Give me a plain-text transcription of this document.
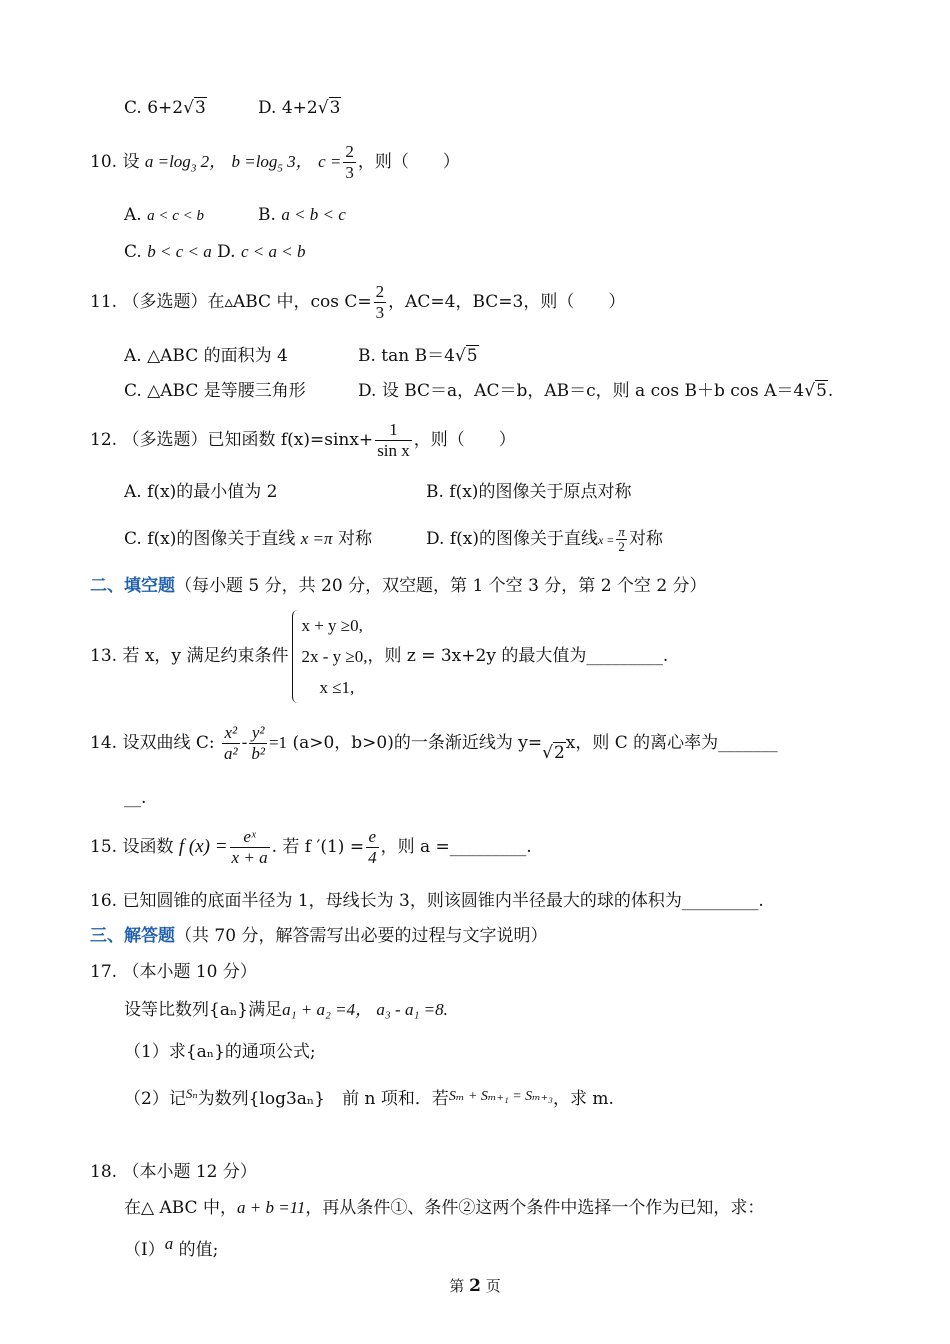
C. 6+2√3	D. 4+2√3
10. 设 $a =\log_3$ 2， $b =\log_5$ 3， $c = \frac{2}{3}$ ，则（　　）
A. a < c < b	B. a < b < c
C. b < c < a D. c < a < b
11. （多选题）在▵ABC 中，$\cos C= \frac{2}{3}$ ，AC=4，BC=3，则（　　）
A. △ABC 的面积为 4	B. tan B＝4√5
C. △ABC 是等腰三角形	D. 设 BC＝a，AC＝b，AB＝c，则 a cos B＋b cos A＝4√5.
12. （多选题）已知函数 $f(x)=\sin x+ \frac{1}{\text{sin x}}$ ，则（　　）
A. f(x)的最小值为 2	B. f(x)的图像关于原点对称
C. f(x)的图像关于直线 x =π 对称	D. f(x)的图像关于直线$x = \frac{\pi}{2}$ 对称
二、填空题（每小题 5 分，共 20 分，双空题，第 1 个空 3 分，第 2 个空 2 分）
13. 若 x，y 满足约束条件
x + y ≥0,
2x - y ≥0,
x ≤1,
，则 z = 3x+2y 的最大值为_________.
14. 设双曲线 C: $\frac{\text{x²}}{\text{a²}} - \frac{\text{y²}}{\text{b²}} =1$ (a>0，b>0)的一条渐近线为 y=√2x，则 C 的离心率为_______
__.
15. 设函数 f $(x) = \frac{\text{eˣ}}{x + a}$ . 若 f $'(1) = \frac{e}{4}$ ，则 a =_________.
16. 已知圆锥的底面半径为 1，母线长为 3，则该圆锥内半径最大的球的体积为_________.
三、解答题（共 70 分，解答需写出必要的过程与文字说明）
17. （本小题 10 分）
设等比数列{aₙ}满足a₁ + a₂ =4， a₃ - a₁ =8.
（1）求{aₙ}的通项公式;
（2）记$^{S_n}$为数列{log3aₙ}　前 n 项和．若$^{S_m + S_{m+1} = S_{m+3}}$，求 m.
18. （本小题 12 分）
在△ ABC 中，a + b =11，再从条件①、条件②这两个条件中选择一个作为已知，求：
（Ⅰ）a 的值;
第 2 页
